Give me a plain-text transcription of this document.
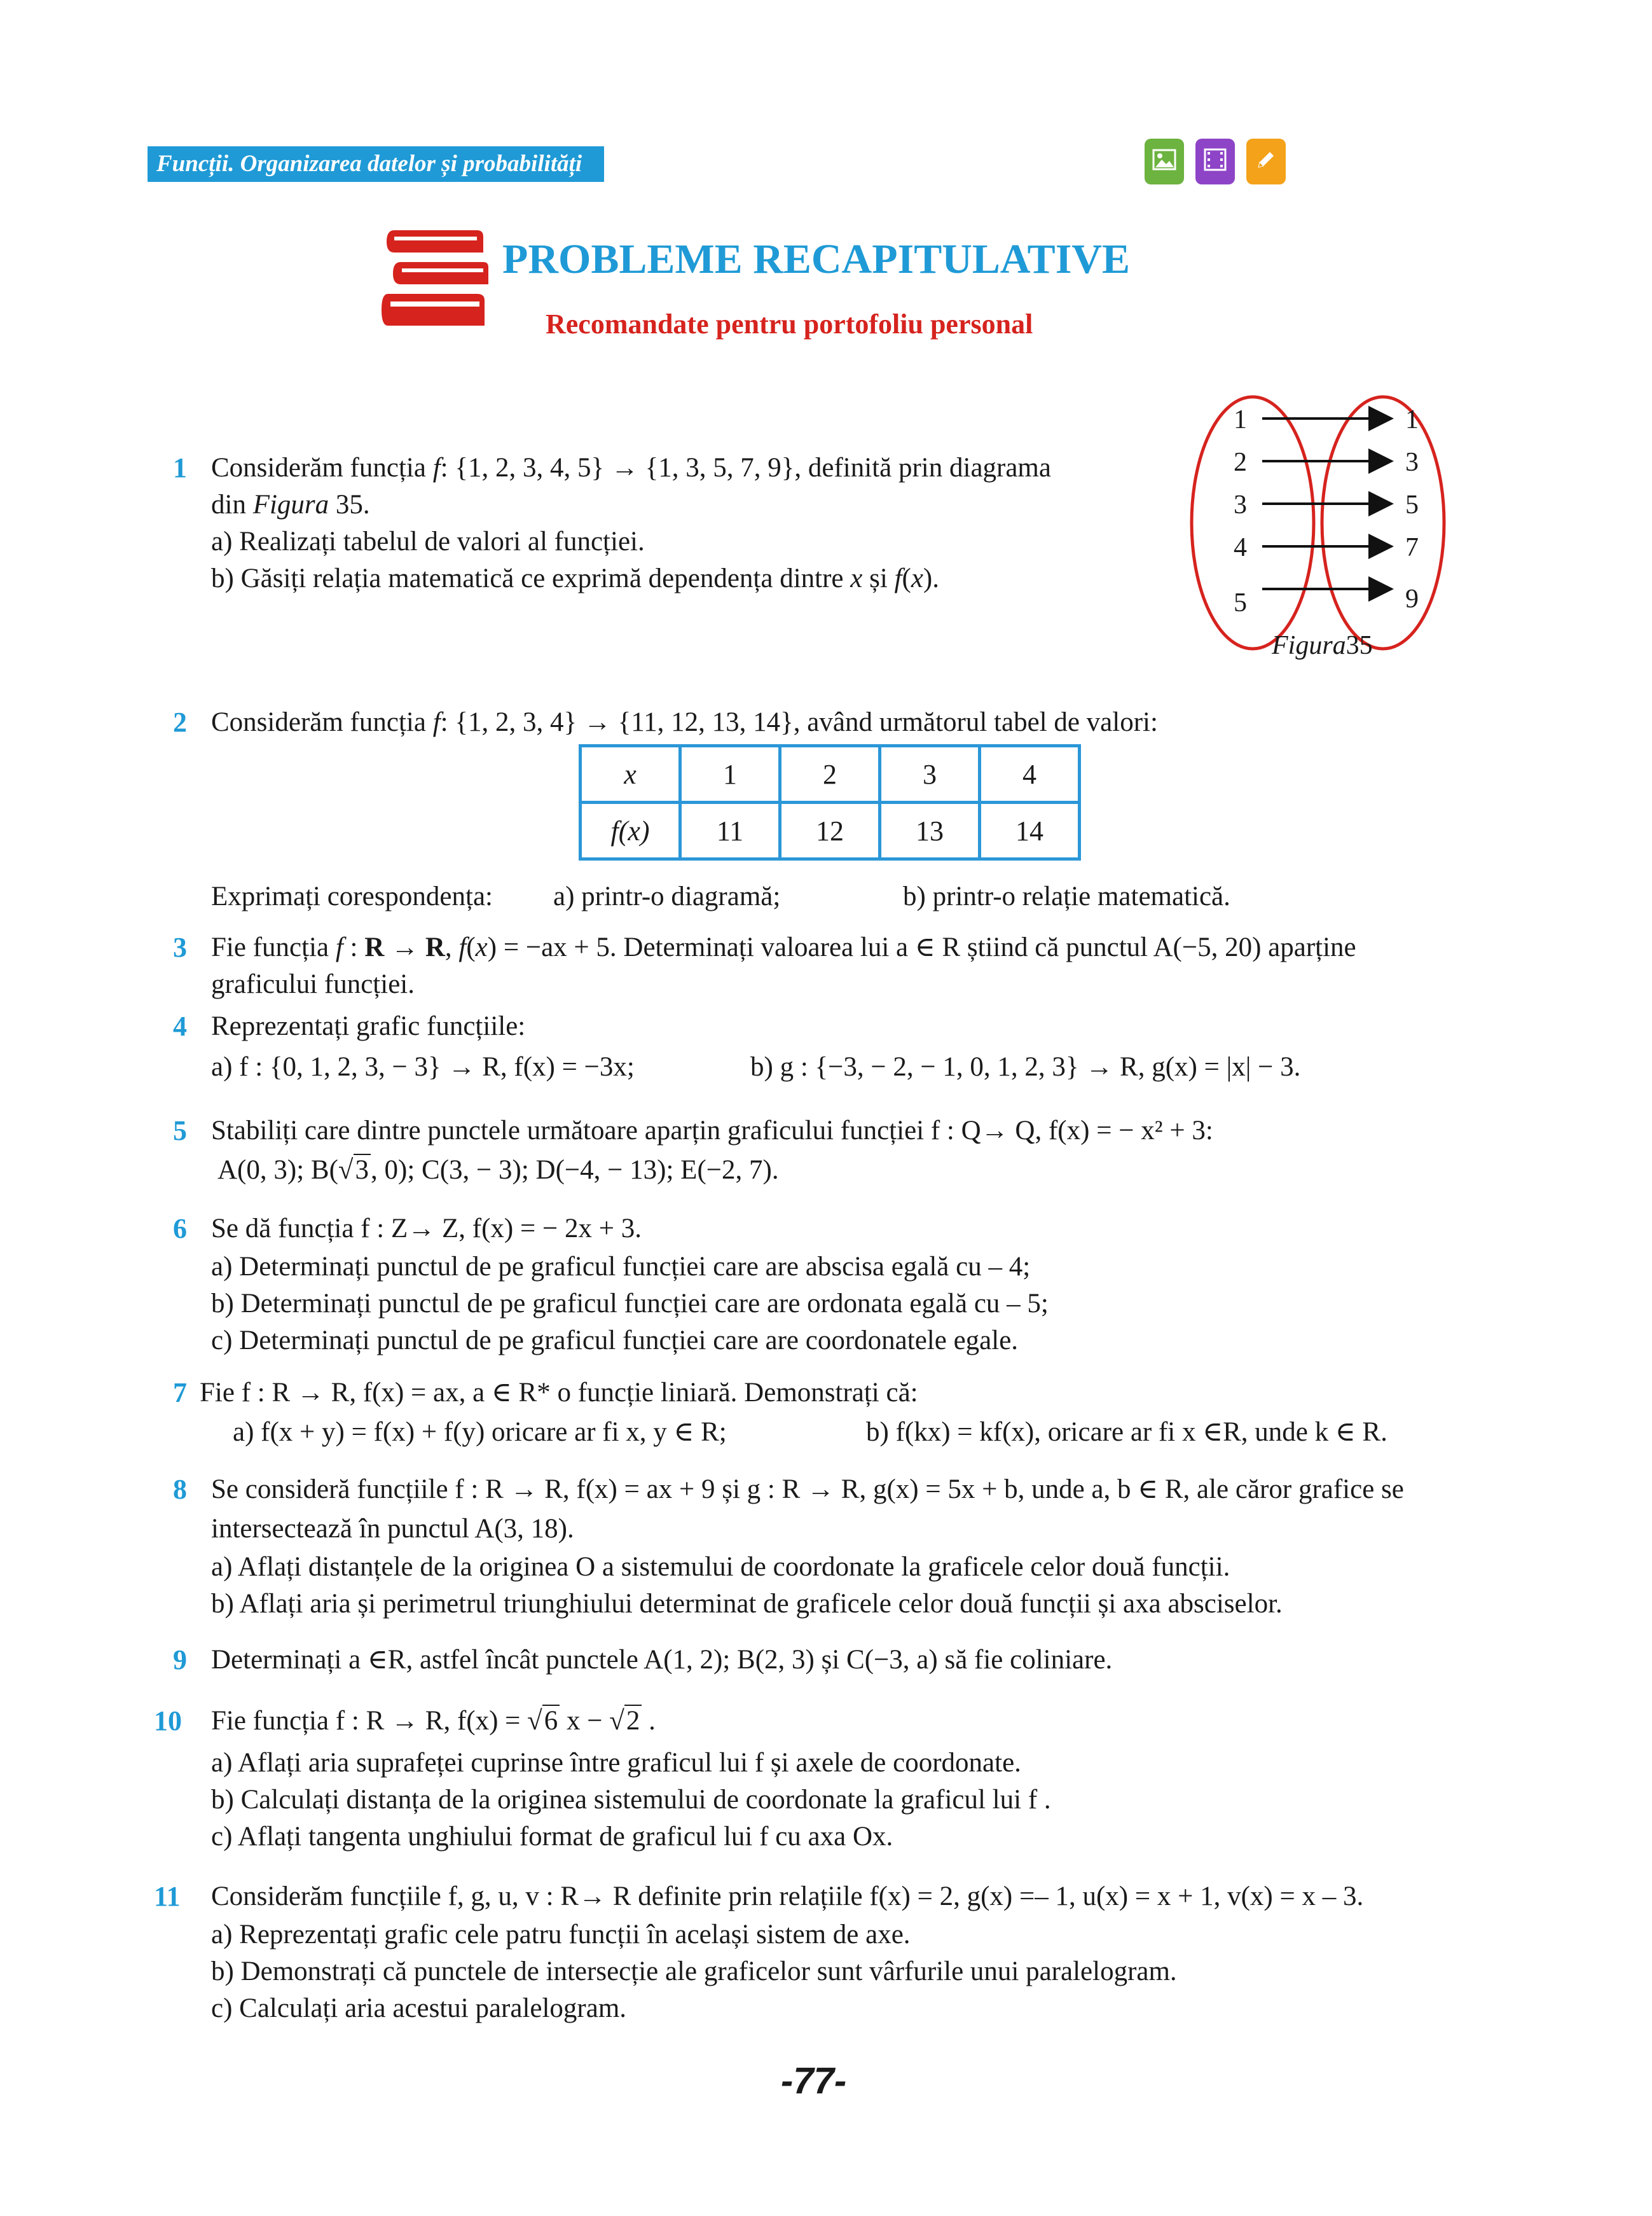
Funcții. Organizarea datelor și probabilități
PROBLEME RECAPITULATIVE
Recomandate pentru portofoliu personal
1 Considerăm funcția f: {1, 2, 3, 4, 5} → {1, 3, 5, 7, 9}, definită prin diagrama
din Figura 35.
a) Realizați tabelul de valori al funcției.
b) Găsiți relația matematică ce exprimă dependența dintre x și f(x).
1
2
3
4
5
1
3
5
7
9
Figura35
2 Considerăm funcția f: {1, 2, 3, 4} → {11, 12, 13, 14}, având următorul tabel de valori:
x	1	2	3	4
f(x)	11	12	13	14
Exprimați corespondența: a) printr-o diagramă;	b) printr-o relație matematică.
3 Fie funcția f : R → R, f(x) = −ax + 5. Determinați valoarea lui a ∈ R știind că punctul A(−5, 20) aparține
graficului funcției.
4 Reprezentați grafic funcțiile:
a) f : {0, 1, 2, 3, − 3} → R, f(x) = −3x;	b) g : {−3, − 2, − 1, 0, 1, 2, 3} → R, g(x) = |x| − 3.
5 Stabiliți care dintre punctele următoare aparțin graficului funcției f : Q→ Q, f(x) = − x² + 3:
A(0, 3); B(√3, 0); C(3, − 3); D(−4, − 13); E(−2, 7).
6 Se dă funcția f : Z→ Z, f(x) = − 2x + 3.
a) Determinați punctul de pe graficul funcției care are abscisa egală cu – 4;
b) Determinați punctul de pe graficul funcției care are ordonata egală cu – 5;
c) Determinați punctul de pe graficul funcției care are coordonatele egale.
7 Fie f : R → R, f(x) = ax, a ∈ R* o funcție liniară. Demonstrați că:
a) f(x + y) = f(x) + f(y) oricare ar fi x, y ∈ R;	b) f(kx) = kf(x), oricare ar fi x ∈R, unde k ∈ R.
8 Se consideră funcțiile f : R → R, f(x) = ax + 9 și g : R → R, g(x) = 5x + b, unde a, b ∈ R, ale căror grafice se
intersectează în punctul A(3, 18).
a) Aflați distanțele de la originea O a sistemului de coordonate la graficele celor două funcții.
b) Aflați aria și perimetrul triunghiului determinat de graficele celor două funcții și axa absciselor.
9 Determinați a ∈R, astfel încât punctele A(1, 2); B(2, 3) și C(−3, a) să fie coliniare.
10 Fie funcția f : R → R, f(x) = √6 x − √2 .
a) Aflați aria suprafeței cuprinse între graficul lui f și axele de coordonate.
b) Calculați distanța de la originea sistemului de coordonate la graficul lui f .
c) Aflați tangenta unghiului format de graficul lui f cu axa Ox.
11 Considerăm funcțiile f, g, u, v : R→ R definite prin relațiile f(x) = 2, g(x) =– 1, u(x) = x + 1, v(x) = x – 3.
a) Reprezentați grafic cele patru funcții în același sistem de axe.
b) Demonstrați că punctele de intersecție ale graficelor sunt vârfurile unui paralelogram.
c) Calculați aria acestui paralelogram.
-77-
